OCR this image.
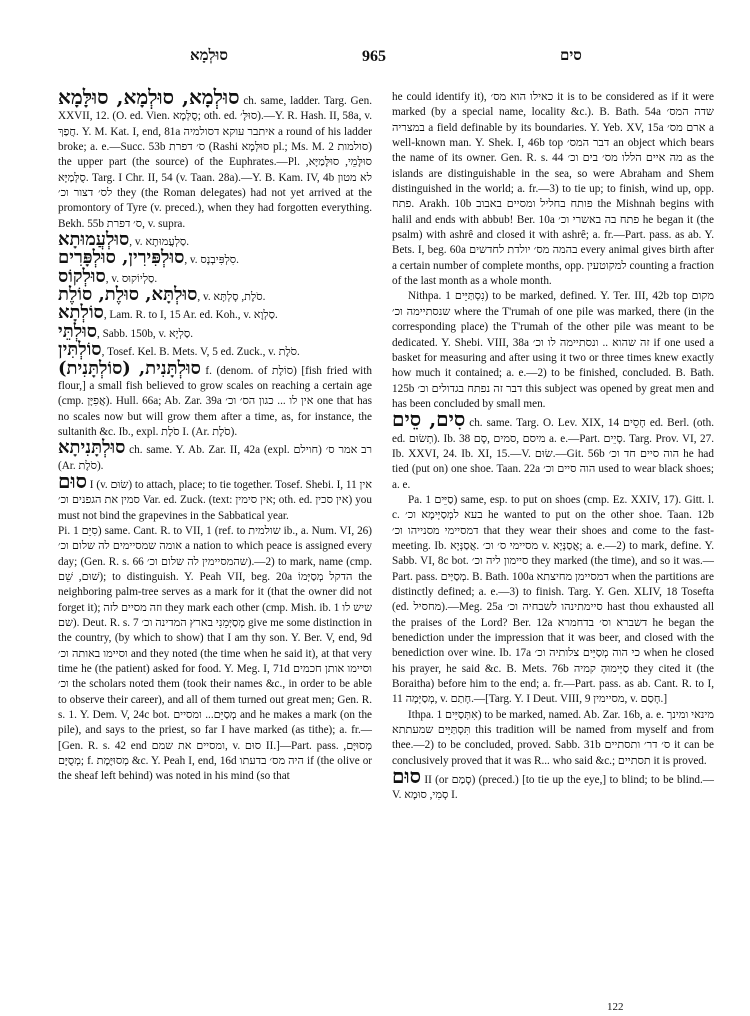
סוּלְמָא	965	סים

סוּלְמָא, סוּלְמָא, סוּלָּמָא ch. same, ladder. Targ. Gen. XXVII, 12. (O. ed. Vien. סֻלְּמָא; oth. ed. סוּלָּ׳).—Y. R. Hash. II, 58a, v. חֲפַךְ. Y. M. Kat. I, end, 81a איתבר עוקא דסולמיה a round of his ladder broke; a. e.—Succ. 53b ס׳ דפרת (Rashi סוּלְּמָא pl.; Ms. M. 2 סולמות) the upper part (the source) of the Euphrates.—Pl. סוּלָּמֵי, סוּלָּמַיָּא, סֻלְּמַיָּא. Targ. I Chr. II, 54 (v. Taan. 28a).—Y. B. Kam. IV, 4b לא מטון לס׳ דצור וכ׳ they (the Roman delegates) had not yet arrived at the promontory of Tyre (v. preced.), when they had forgotten everything. Bekh. 55b ס׳ דפרת, v. supra.

סוּלְעֲמוּתָא, v. סַלְעֲמוּתָא.

סוּלְפִּירִין, סוּלְפָּרִים, v. סִלְפִּיבְנָס.

סוּלְקוֹס, v. סַלְיוֹקוּס.

סוּלְתָּא, סוּלֶת, סוֹלֶת, v. סֹלֶת, סָלְתָּא.

סוֹלְתָא, Lam. R. to I, 15 Ar. ed. Koh., v. סַלְוָא.

סוּלְתֵּי, Sabb. 150b, v. סַלְיָא.

סוֹלְתִּין, Tosef. Kel. B. Mets. V, 5 ed. Zuck., v. סֹלֶת.

סוּלְתָּנִית, (סוֹלְתָּנִית) f. (denom. of סוֹלֶת) [fish fried with flour,] a small fish believed to grow scales on reaching a certain age (cmp. אֲפִיָּן). Hull. 66a; Ab. Zar. 39a אין לו ... כגון הס׳ וכ׳ one that has no scales now but will grow them after a time, as, for instance, the sultanith &c. Ib., expl. סֹלֶת I. (Ar. סֹלֶת).

סוּלְתָּנִיתָא ch. same. Y. Ab. Zar. II, 42a (expl. חוילם) רב אמר ס׳ (Ar. סֹלֶת).

סוּם I (v. שׂוּם) to attach, place; to tie together. Tosef. Shebi. I, 11 אין סמין את הגפנים וכ׳ Var. ed. Zuck. (text: אין סימין; oth. ed. אין סכין) you must not bind the grapevines in the Sabbatical year.

Pi. סִיֵּם 1) same. Cant. R. to VII, 1 (ref. to שולמית ib., a. Num. VI, 26) אומה שמסיימים לה שלום וכ׳ a nation to which peace is assigned every day; (Gen. R. s. 66 שהמסיימין לה שלום וכ׳).—2) to mark, name (cmp. שׁוּם, שֵׁם); to distinguish. Y. Peah VII, beg. 20a הדקל מְסַיְּמוֹ the neighboring palm-tree serves as a mark for it (that the owner did not forget it); וזה מסיים לזה they mark each other (cmp. Mish. ib. 1 שיש לו שם). Deut. R. s. 7 מְסַיְּמֵנִי בארץ המדינה וכ׳ give me some distinction in the country, (by which to show) that I am thy son. Y. Ber. V, end, 9d וסיימו באותה וכ׳ and they noted (the time when he said it), at that very time he (the patient) asked for food. Y. Meg. I, 71d וסיימו אותן חכמים וכ׳ the scholars noted them (took their names &c., in order to be able to observe their career), and all of them turned out great men; Gen. R. s. 1. Y. Dem. V, 24c bot. מְסַיֵּם... ומסיים and he makes a mark (on the pile), and says to the priest, so far I have marked (as tithe); a. fr.—[Gen. R. s. 42 end ומסיים את שמם, v. סוּם II.]—Part. pass. מְסוּיָּם, מְסֻיָּם; f. מְסוּיֶּמֶת &c. Y. Peah I, end, 16d היה מס׳ בדעתו if (the olive or the sheaf left behind) was noted in his mind (so that

he could identify it), כאילו הוא מס׳ it is to be considered as if it were marked (by a special name, locality &c.). B. Bath. 54a שדה המס׳ במצריה a field definable by its boundaries. Y. Yeb. XV, 15a ארם מס׳ a well-known man. Y. Shek. I, 46b top דבר המס׳ an object which bears the name of its owner. Gen. R. s. 44 מה איים הללו מס׳ בים וכ׳ as the islands are distinguishable in the sea, so were Abraham and Shem distinguished in the world; a. fr.—3) to tie up; to finish, wind up, opp. פתח. Arakh. 10b פותח בחליל ומסיים באבוב the Mishnah begins with halil and ends with abbub! Ber. 10a פתח בה באשרי וכ׳ he began it (the psalm) with ashrê and closed it with ashrê; a. fr.—Part. pass. as ab. Y. Bets. I, beg. 60a בהמה מס׳ יולדת לחדשים every animal gives birth after a certain number of complete months, opp. למקוטעין counting a fraction of the last month as a whole month.

Nithpa. נִסְתַּיֵּים 1) to be marked, defined. Y. Ter. III, 42b top מקום שנסתיימה וכ׳ where the T'rumah of one pile was marked, there (in the corresponding place) the T'rumah of the other pile was meant to be dedicated. Y. Shebi. VIII, 38a זה שהוא .. ונסתיימה לו וכ׳ if one used a basket for measuring and after using it two or three times knew exactly how much it contained; a. e.—2) to be finished, concluded. B. Bath. 125b דבר זה נפתח בגדולים וכ׳ this subject was opened by great men and has been concluded by small men.

סִים, סֵים ch. same. Targ. O. Lev. XIX, 14 חָסֵים ed. Berl. (oth. ed. תְשׂוּם). Ib. 38 מיסם ,סמים ,סָם a. e.—Part. סָיֵים. Targ. Prov. VI, 27. Ib. XXVI, 24. Ib. XI, 15.—V. שׂוּם.—Git. 56b הוה סיים חד וכ׳ he had tied (put on) one shoe. Taan. 22a הוה סיים וכ׳ used to wear black shoes; a. e.

Pa. סַיֵּים 1) same, esp. to put on shoes (cmp. Ez. XXIV, 17). Gitt. l. c. בעא למְסַיְּימָא וכ׳ he wanted to put on the other shoe. Taan. 12b דמסיימי מסנייהו וכ׳ that they wear their shoes and come to the fast-meeting. Ib. מסיימי ס׳ וכ׳ .אֲסַנְּיָא v. אֲסַנְּיָא; a. e.—2) to mark, define. Y. Sabb. VI, 8c bot. סיימון ליה וכ׳ they marked (the time), and so it was.—Part. pass. מְסַיַּים. B. Bath. 100a דמסיימן מחיצתא when the partitions are distinctly defined; a. e.—3) to finish. Targ. Y. Gen. XLIV, 18 Tosefta (ed. מחסיל).—Meg. 25a סיימתינהו לשבחיה וכ׳ hast thou exhausted all the praises of the Lord? Ber. 12a דשברא וס׳ בדחמרא he began the benediction under the impression that it was beer, and closed with the benediction over wine. Ib. 17a כי הוה מְסַיֵּים צלותיה וכ׳ when he closed his prayer, he said &c. B. Mets. 76b סַיְּימוּהָ קמיה they cited it (the Boraitha) before him to the end; a. fr.—Part. pass. as ab. Cant. R. to I, 11 מְסַיְּמָה, v. חָתַם.—[Targ. Y. I Deut. VIII, 9 מסיימין, v. חָסַם.]

Ithpa. אִתְּסַיֵּים 1) to be marked, named. Ab. Zar. 16b, a. e. מינאי ומינך תִּסְתַּיֵּים שמעתתא this tradition will be named from myself and from thee.—2) to be concluded, proved. Sabb. 31b ס׳ דר׳ ותסתיים it can be conclusively proved that it was R... who said &c.; תסתיים it is proved.

סוּם II (or סָמַם) (preced.) [to tie up the eye,] to blind; to be blind.—V. סְמִי, סוּמָא I.

122
